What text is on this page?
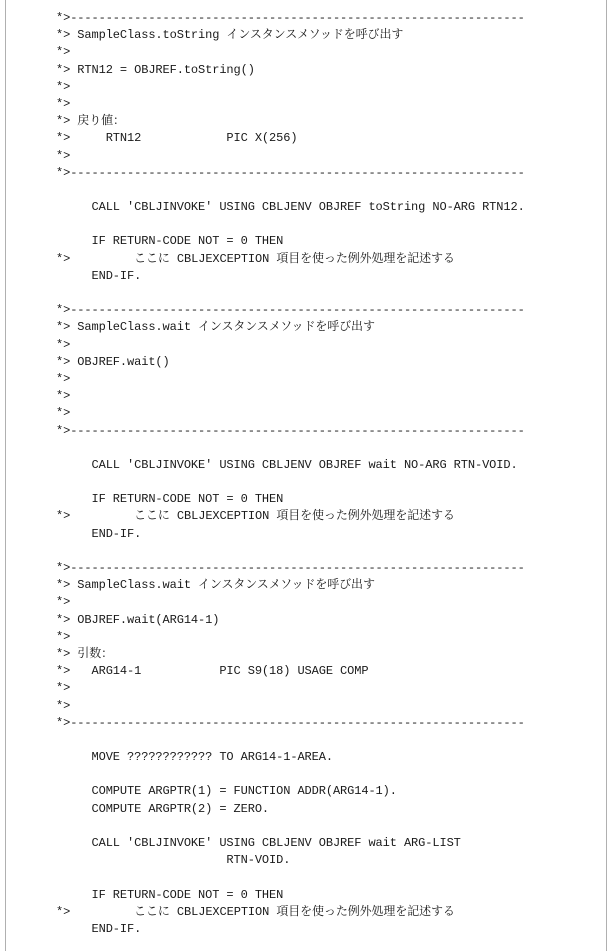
*>----------------------------------------------------------------
*> SampleClass.toString インスタンスメソッドを呼び出す
*>
*> RTN12 = OBJREF.toString()
*>
*>
*> 戻り値：
*>     RTN12            PIC X(256)
*>
*>----------------------------------------------------------------
CALL 'CBLJINVOKE' USING CBLJENV OBJREF toString NO-ARG RTN12.
IF RETURN-CODE NOT = 0 THEN
*>         ここに CBLJEXCEPTION 項目を使った例外処理を記述する
END-IF.
*>----------------------------------------------------------------
*> SampleClass.wait インスタンスメソッドを呼び出す
*>
*> OBJREF.wait()
*>
*>
*>
*>----------------------------------------------------------------
CALL 'CBLJINVOKE' USING CBLJENV OBJREF wait NO-ARG RTN-VOID.
IF RETURN-CODE NOT = 0 THEN
*>         ここに CBLJEXCEPTION 項目を使った例外処理を記述する
END-IF.
*>----------------------------------------------------------------
*> SampleClass.wait インスタンスメソッドを呼び出す
*>
*> OBJREF.wait(ARG14-1)
*>
*> 引数：
*>   ARG14-1           PIC S9(18) USAGE COMP
*>
*>
*>----------------------------------------------------------------
MOVE ???????????? TO ARG14-1-AREA.
COMPUTE ARGPTR(1) = FUNCTION ADDR(ARG14-1).
COMPUTE ARGPTR(2) = ZERO.
CALL 'CBLJINVOKE' USING CBLJENV OBJREF wait ARG-LIST
RTN-VOID.
IF RETURN-CODE NOT = 0 THEN
*>         ここに CBLJEXCEPTION 項目を使った例外処理を記述する
END-IF.
